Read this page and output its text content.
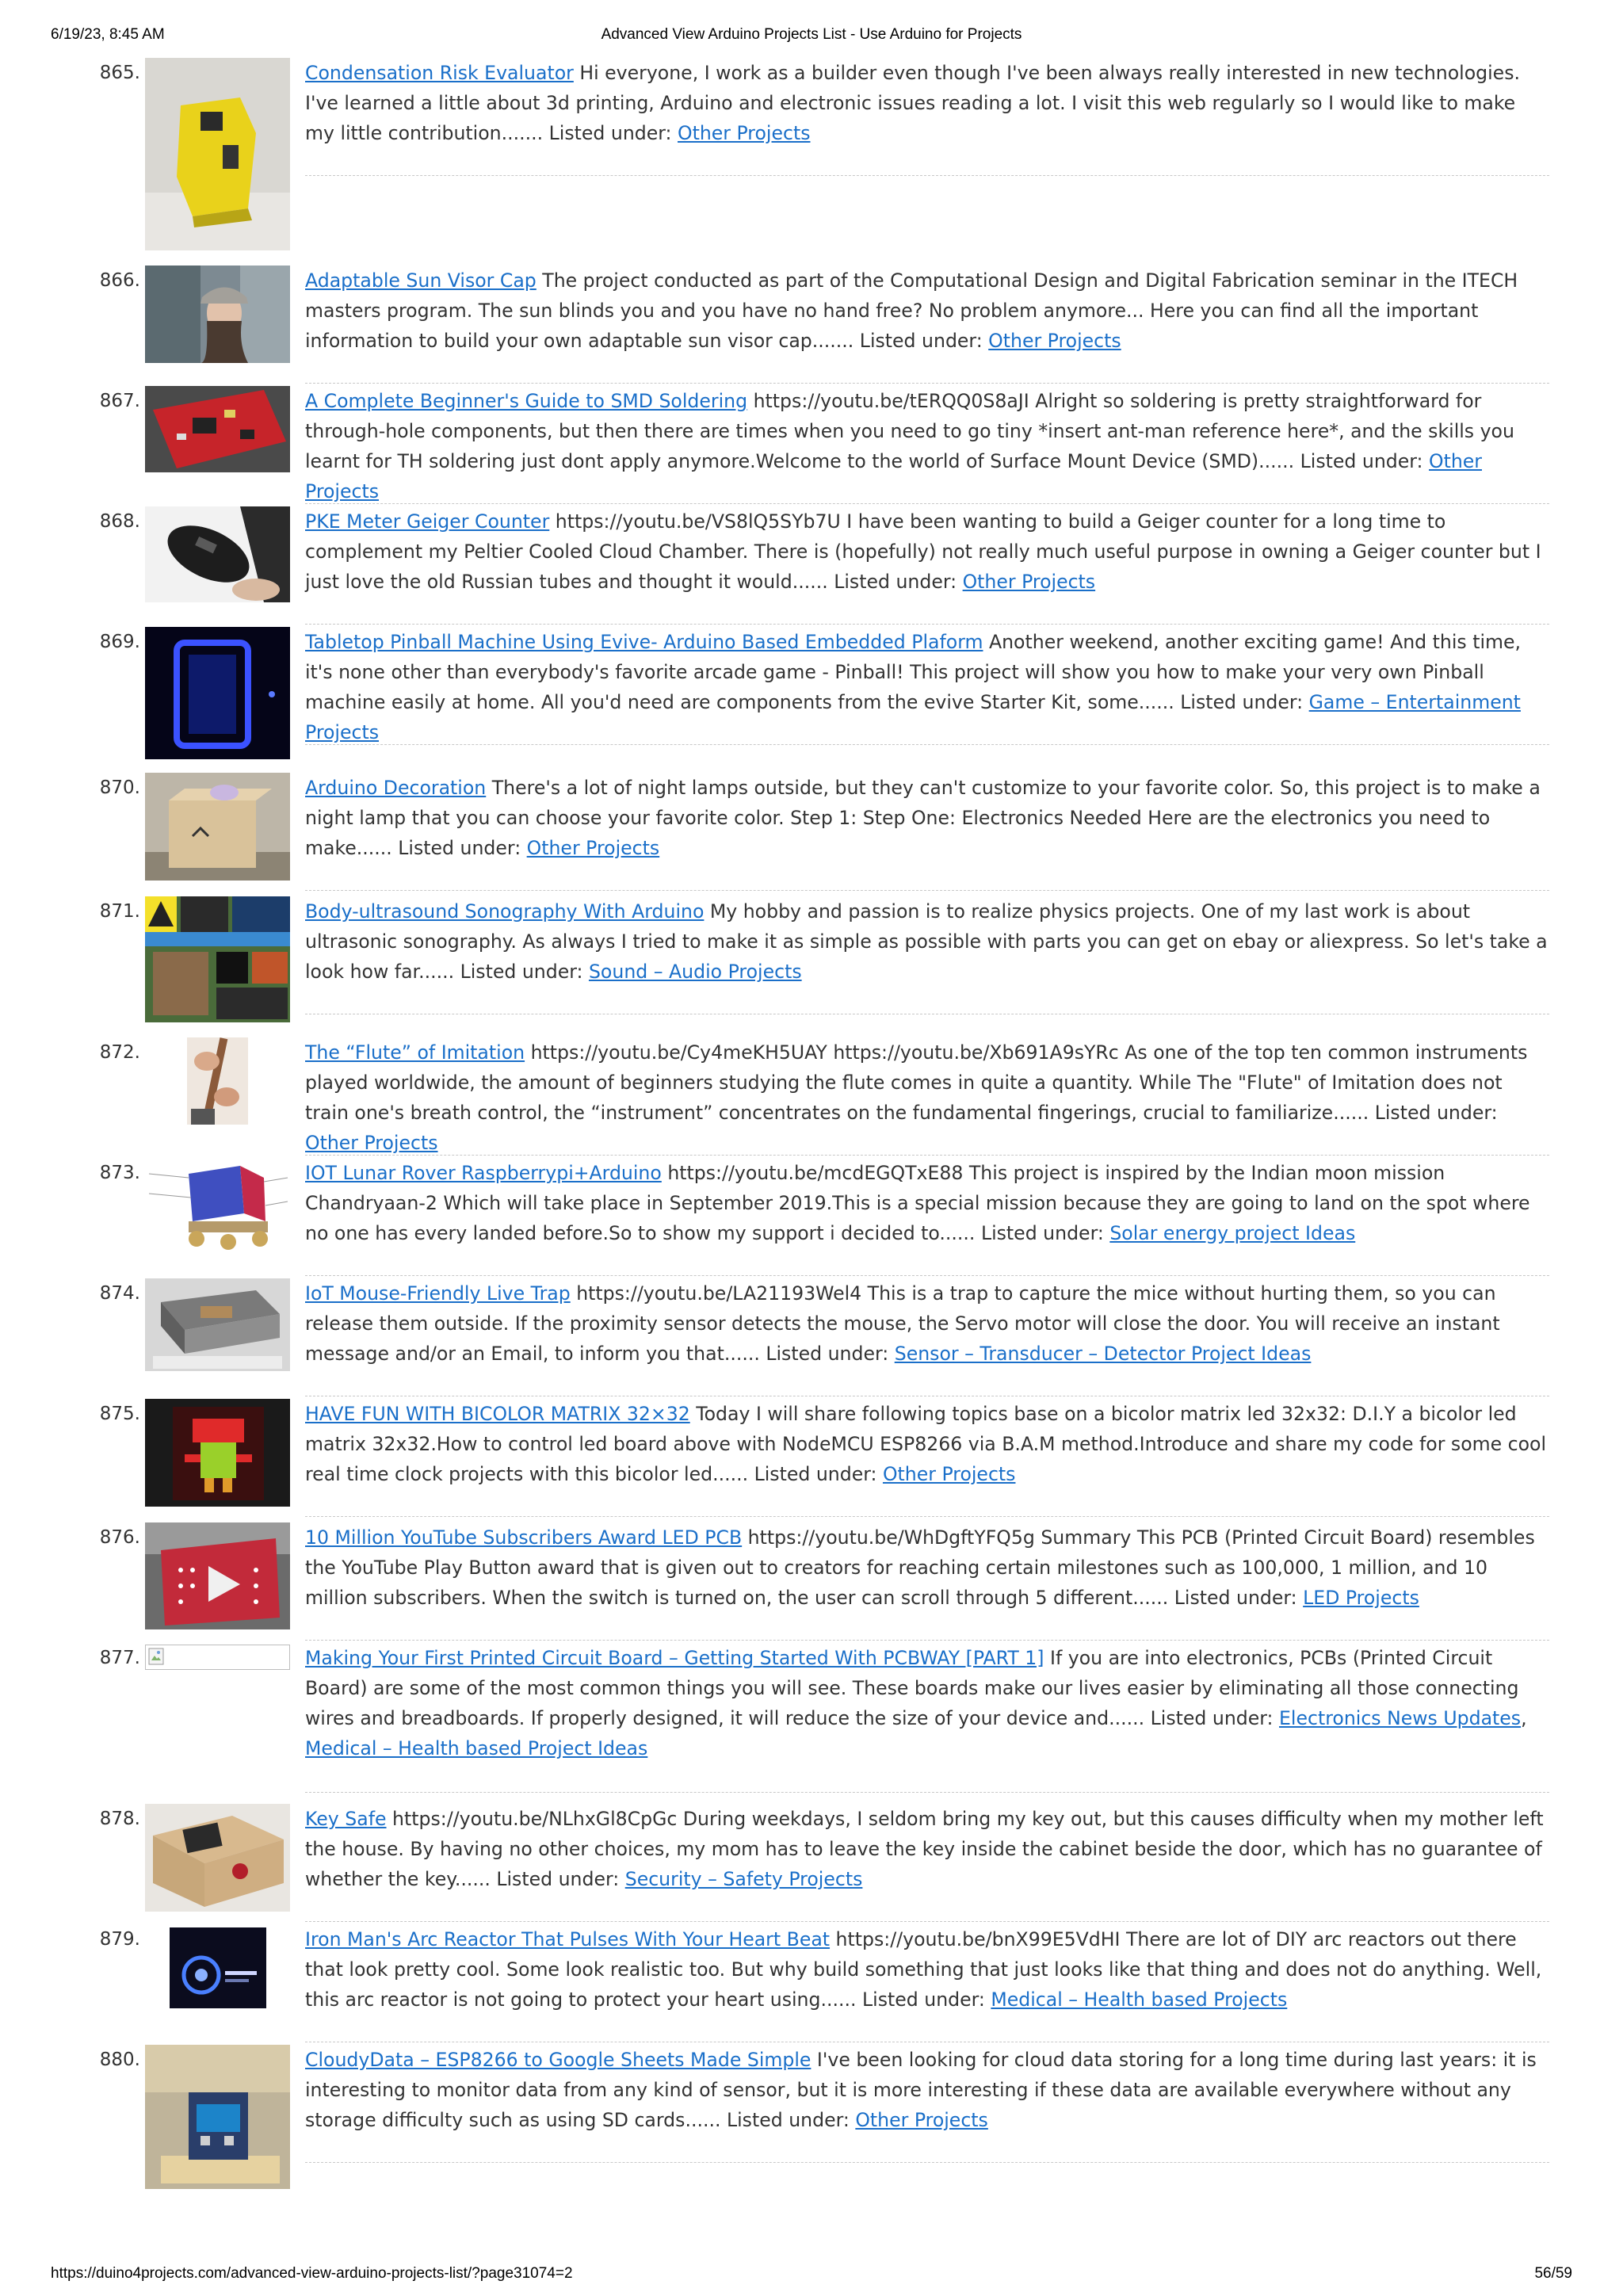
6/19/23, 8:45 AM	Advanced View Arduino Projects List - Use Arduino for Projects
865.	Condensation Risk Evaluator Hi everyone, I work as a builder even though I've been always really interested in new technologies. I've learned a little about 3d printing, Arduino and electronic issues reading a lot. I visit this web regularly so I would like to make my little contribution....... Listed under: Other Projects
866.	Adaptable Sun Visor Cap The project conducted as part of the Computational Design and Digital Fabrication seminar in the ITECH masters program. The sun blinds you and you have no hand free? No problem anymore... Here you can find all the important information to build your own adaptable sun visor cap....... Listed under: Other Projects
867.	A Complete Beginner's Guide to SMD Soldering https://youtu.be/tERQQ0S8aJI Alright so soldering is pretty straightforward for through-hole components, but then there are times when you need to go tiny *insert ant-man reference here*, and the skills you learnt for TH soldering just dont apply anymore.Welcome to the world of Surface Mount Device (SMD)...... Listed under: Other Projects
868.	PKE Meter Geiger Counter https://youtu.be/VS8lQ5SYb7U I have been wanting to build a Geiger counter for a long time to complement my Peltier Cooled Cloud Chamber. There is (hopefully) not really much useful purpose in owning a Geiger counter but I just love the old Russian tubes and thought it would...... Listed under: Other Projects
869.	Tabletop Pinball Machine Using Evive- Arduino Based Embedded Plaform Another weekend, another exciting game! And this time, it's none other than everybody's favorite arcade game - Pinball! This project will show you how to make your very own Pinball machine easily at home. All you'd need are components from the evive Starter Kit, some...... Listed under: Game – Entertainment Projects
870.	Arduino Decoration There's a lot of night lamps outside, but they can't customize to your favorite color. So, this project is to make a night lamp that you can choose your favorite color. Step 1: Step One: Electronics Needed Here are the electronics you need to make...... Listed under: Other Projects
871.	Body-ultrasound Sonography With Arduino My hobby and passion is to realize physics projects. One of my last work is about ultrasonic sonography. As always I tried to make it as simple as possible with parts you can get on ebay or aliexpress. So let's take a look how far...... Listed under: Sound – Audio Projects
872.	The “Flute” of Imitation https://youtu.be/Cy4meKH5UAY https://youtu.be/Xb691A9sYRc As one of the top ten common instruments played worldwide, the amount of beginners studying the flute comes in quite a quantity. While The "Flute" of Imitation does not train one's breath control, the “instrument” concentrates on the fundamental fingerings, crucial to familiarize...... Listed under: Other Projects
873.	IOT Lunar Rover Raspberrypi+Arduino https://youtu.be/mcdEGQTxE88 This project is inspired by the Indian moon mission Chandryaan-2 Which will take place in September 2019.This is a special mission because they are going to land on the spot where no one has every landed before.So to show my support i decided to...... Listed under: Solar energy project Ideas
874.	IoT Mouse-Friendly Live Trap https://youtu.be/LA21193Wel4 This is a trap to capture the mice without hurting them, so you can release them outside. If the proximity sensor detects the mouse, the Servo motor will close the door. You will receive an instant message and/or an Email, to inform you that...... Listed under: Sensor – Transducer – Detector Project Ideas
875.	HAVE FUN WITH BICOLOR MATRIX 32×32 Today I will share following topics base on a bicolor matrix led 32x32: D.I.Y a bicolor led matrix 32x32.How to control led board above with NodeMCU ESP8266 via B.A.M method.Introduce and share my code for some cool real time clock projects with this bicolor led...... Listed under: Other Projects
876.	10 Million YouTube Subscribers Award LED PCB https://youtu.be/WhDgftYFQ5g Summary This PCB (Printed Circuit Board) resembles the YouTube Play Button award that is given out to creators for reaching certain milestones such as 100,000, 1 million, and 10 million subscribers. When the switch is turned on, the user can scroll through 5 different...... Listed under: LED Projects
877.	Making Your First Printed Circuit Board – Getting Started With PCBWAY [PART 1] If you are into electronics, PCBs (Printed Circuit Board) are some of the most common things you will see. These boards make our lives easier by eliminating all those connecting wires and breadboards. If properly designed, it will reduce the size of your device and...... Listed under: Electronics News Updates, Medical – Health based Project Ideas
878.	Key Safe https://youtu.be/NLhxGl8CpGc During weekdays, I seldom bring my key out, but this causes difficulty when my mother left the house. By having no other choices, my mom has to leave the key inside the cabinet beside the door, which has no guarantee of whether the key...... Listed under: Security – Safety Projects
879.	Iron Man's Arc Reactor That Pulses With Your Heart Beat https://youtu.be/bnX99E5VdHI There are lot of DIY arc reactors out there that look pretty cool. Some look realistic too. But why build something that just looks like that thing and does not do anything. Well, this arc reactor is not going to protect your heart using...... Listed under: Medical – Health based Projects
880.	CloudyData – ESP8266 to Google Sheets Made Simple I've been looking for cloud data storing for a long time during last years: it is interesting to monitor data from any kind of sensor, but it is more interesting if these data are available everywhere without any storage difficulty such as using SD cards...... Listed under: Other Projects
https://duino4projects.com/advanced-view-arduino-projects-list/?page31074=2	56/59
